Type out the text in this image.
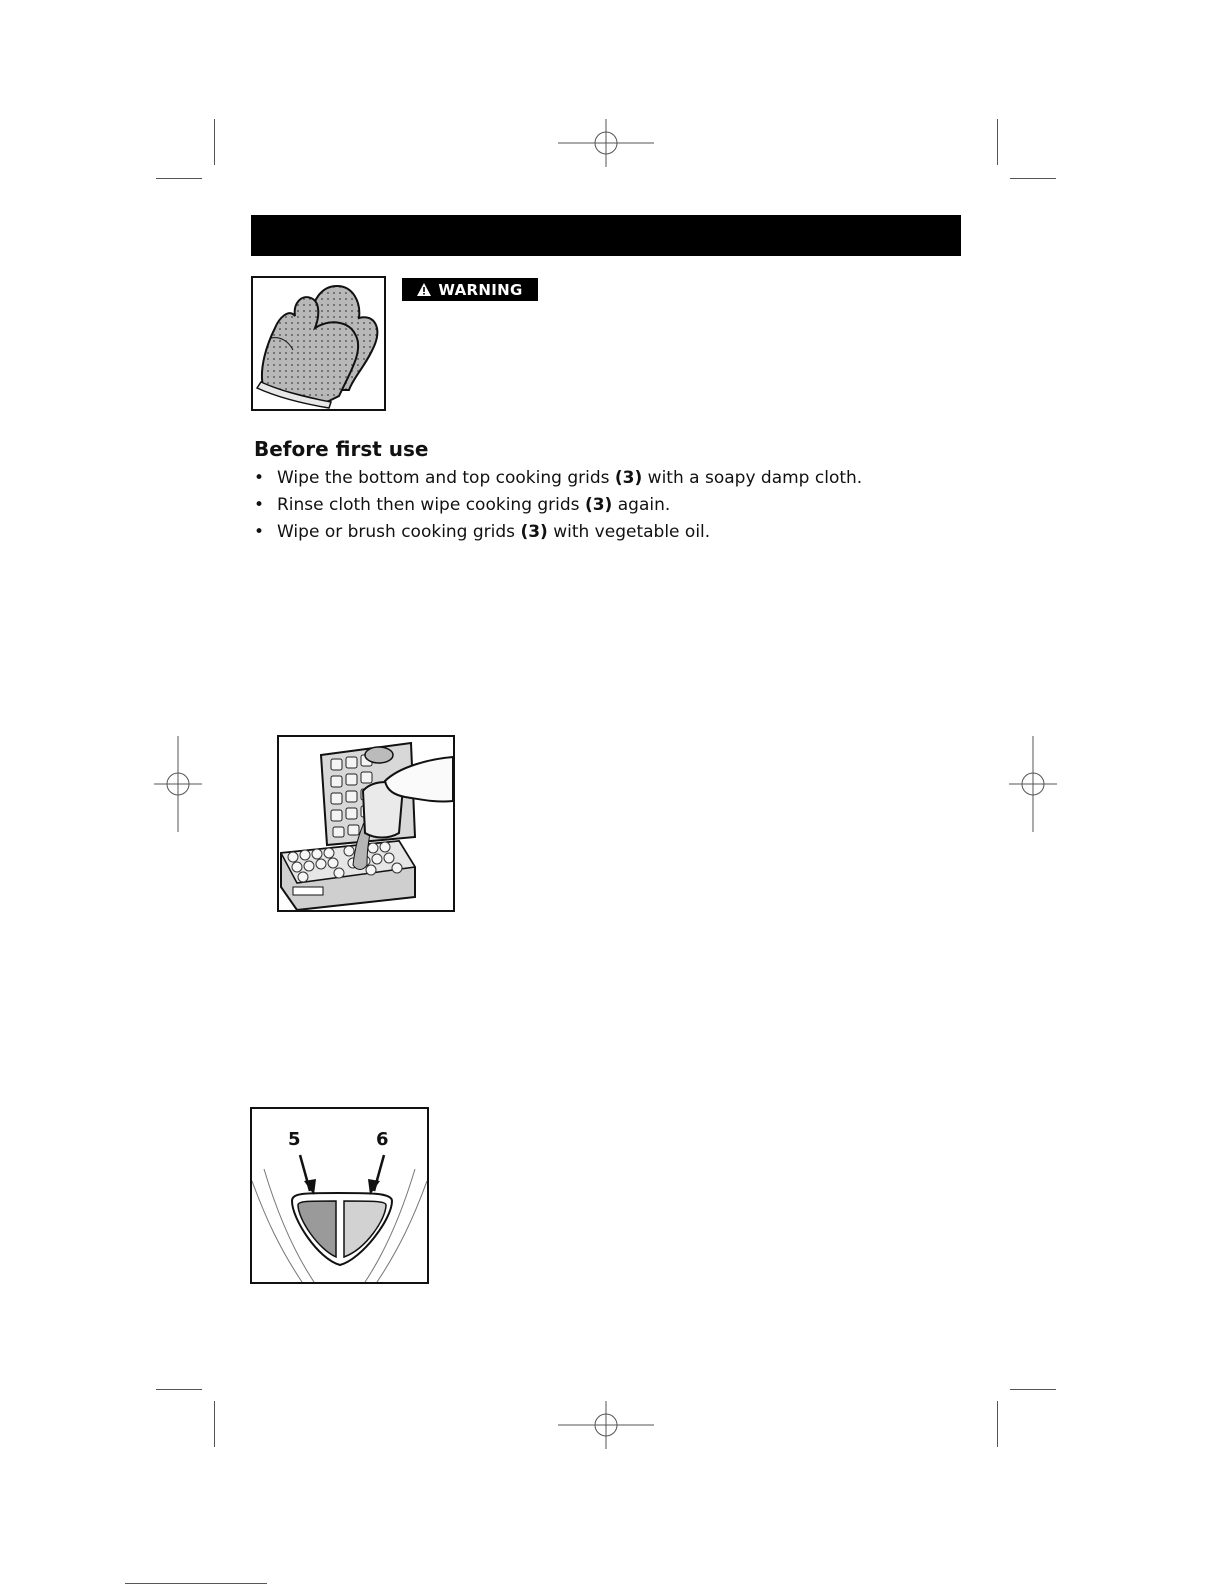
WARNING
Before first use
• Wipe the bottom and top cooking grids (3) with a soapy damp cloth.
• Rinse cloth then wipe cooking grids (3) again.
• Wipe or brush cooking grids (3) with vegetable oil.
5	6
